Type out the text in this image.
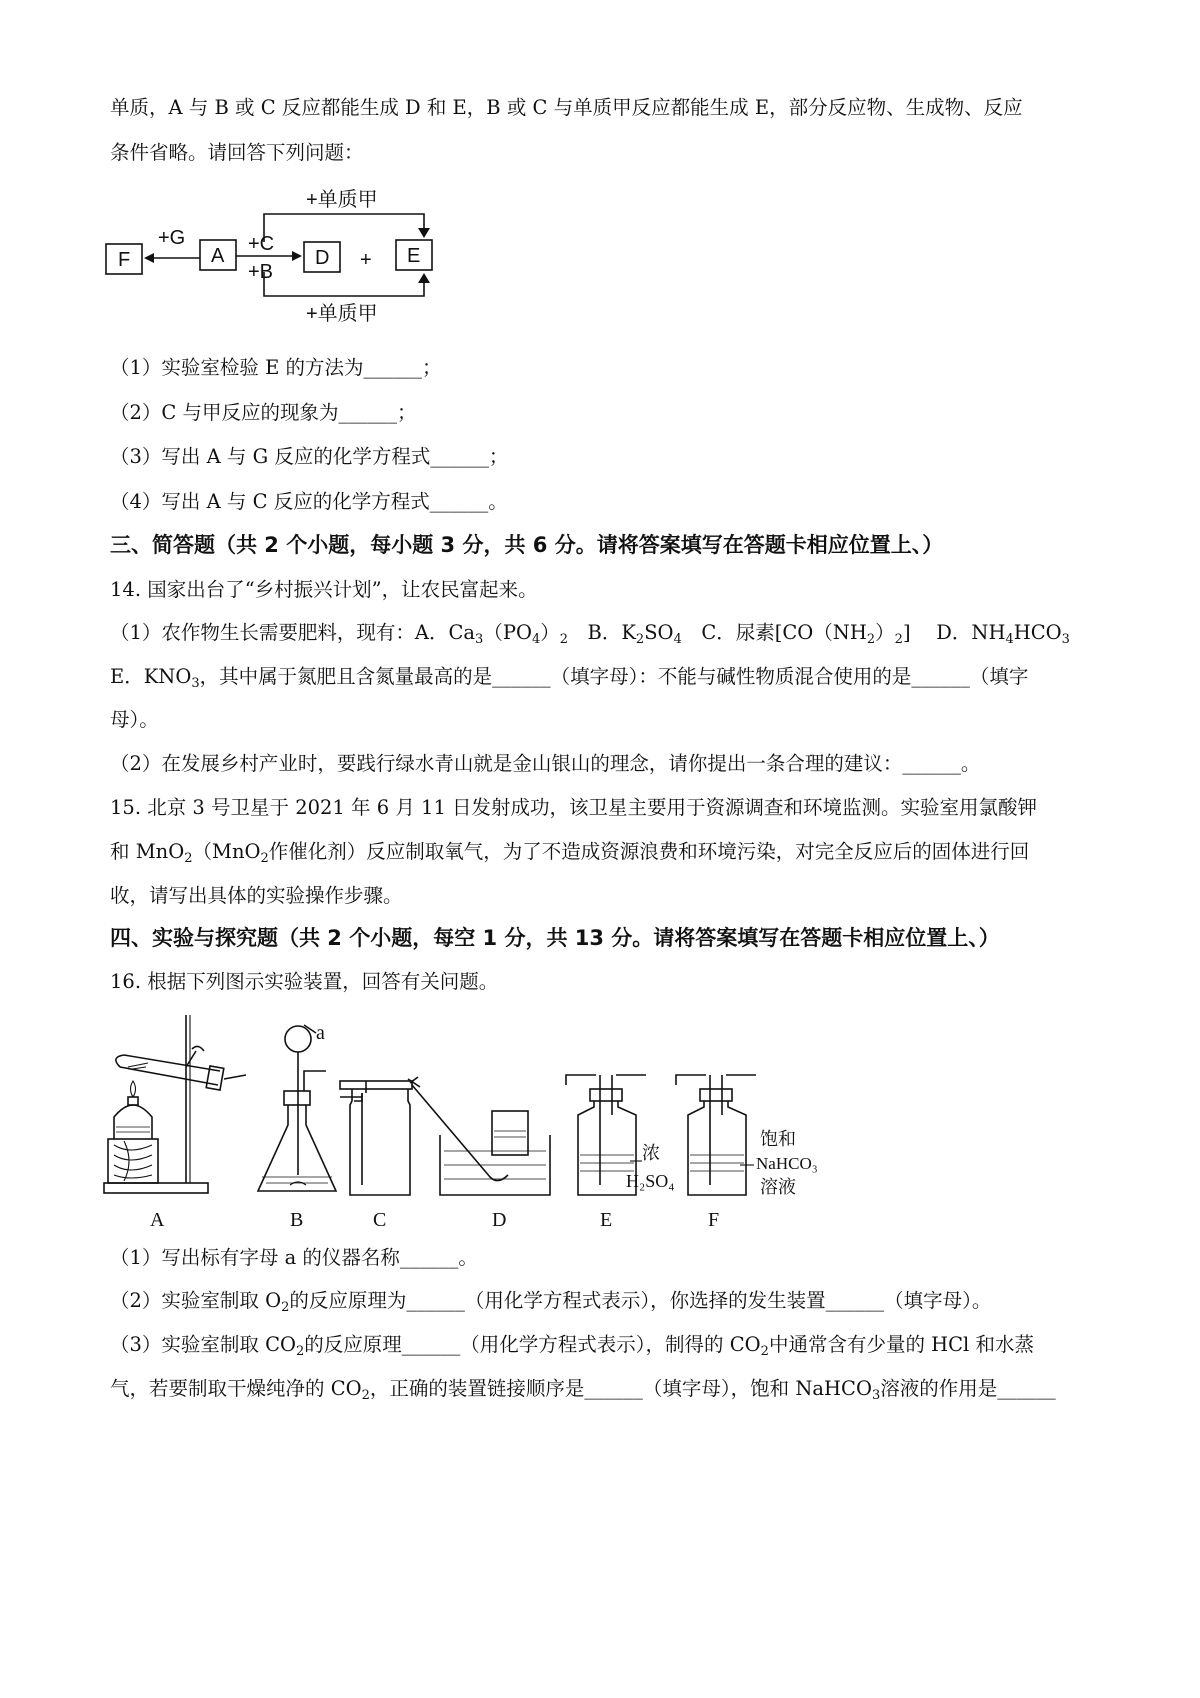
单质，A 与 B 或 C 反应都能生成 D 和 E，B 或 C 与单质甲反应都能生成 E，部分反应物、生成物、反应
条件省略。请回答下列问题：
+单质甲
+单质甲
F	A	D + E
+G	+C
+B
（1）实验室检验 E 的方法为______；
（2）C 与甲反应的现象为______；
（3）写出 A 与 G 反应的化学方程式______；
（4）写出 A 与 C 反应的化学方程式______。
三、简答题（共 2 个小题，每小题 3 分，共 6 分。请将答案填写在答题卡相应位置上、）
14. 国家出台了“乡村振兴计划”，让农民富起来。
（1）农作物生长需要肥料，现有：A．$Ca_3(PO_4)_2$　B．$K_2SO_4$　C．尿素$[CO(NH_2)_2]$　 D．$NH_4HCO_3$
E．$KNO_3$，其中属于氮肥且含氮量最高的是______（填字母）：不能与碱性物质混合使用的是______（填字
母）。
（2）在发展乡村产业时，要践行绿水青山就是金山银山的理念，请你提出一条合理的建议：______。
15. 北京 3 号卫星于 2021 年 6 月 11 日发射成功，该卫星主要用于资源调查和环境监测。实验室用氯酸钾
和 MnO$_2$（MnO$_2$作催化剂）反应制取氧气，为了不造成资源浪费和环境污染，对完全反应后的固体进行回
收，请写出具体的实验操作步骤。
四、实验与探究题（共 2 个小题，每空 1 分，共 13 分。请将答案填写在答题卡相应位置上、）
16. 根据下列图示实验装置，回答有关问题。
A
a
B	C	D
浓
H₂SO₄
E
饱和
NaHCO₃
溶液
F
（1）写出标有字母 a 的仪器名称______。
（2）实验室制取 $O_2$的反应原理为______（用化学方程式表示），你选择的发生装置______（填字母）。
（3）实验室制取 $CO_2$的反应原理______（用化学方程式表示），制得的 $CO_2$中通常含有少量的 HCl 和水蒸
气，若要制取干燥纯净的 $CO_2$，正确的装置链接顺序是______（填字母），饱和 NaHCO$_3$溶液的作用是______
